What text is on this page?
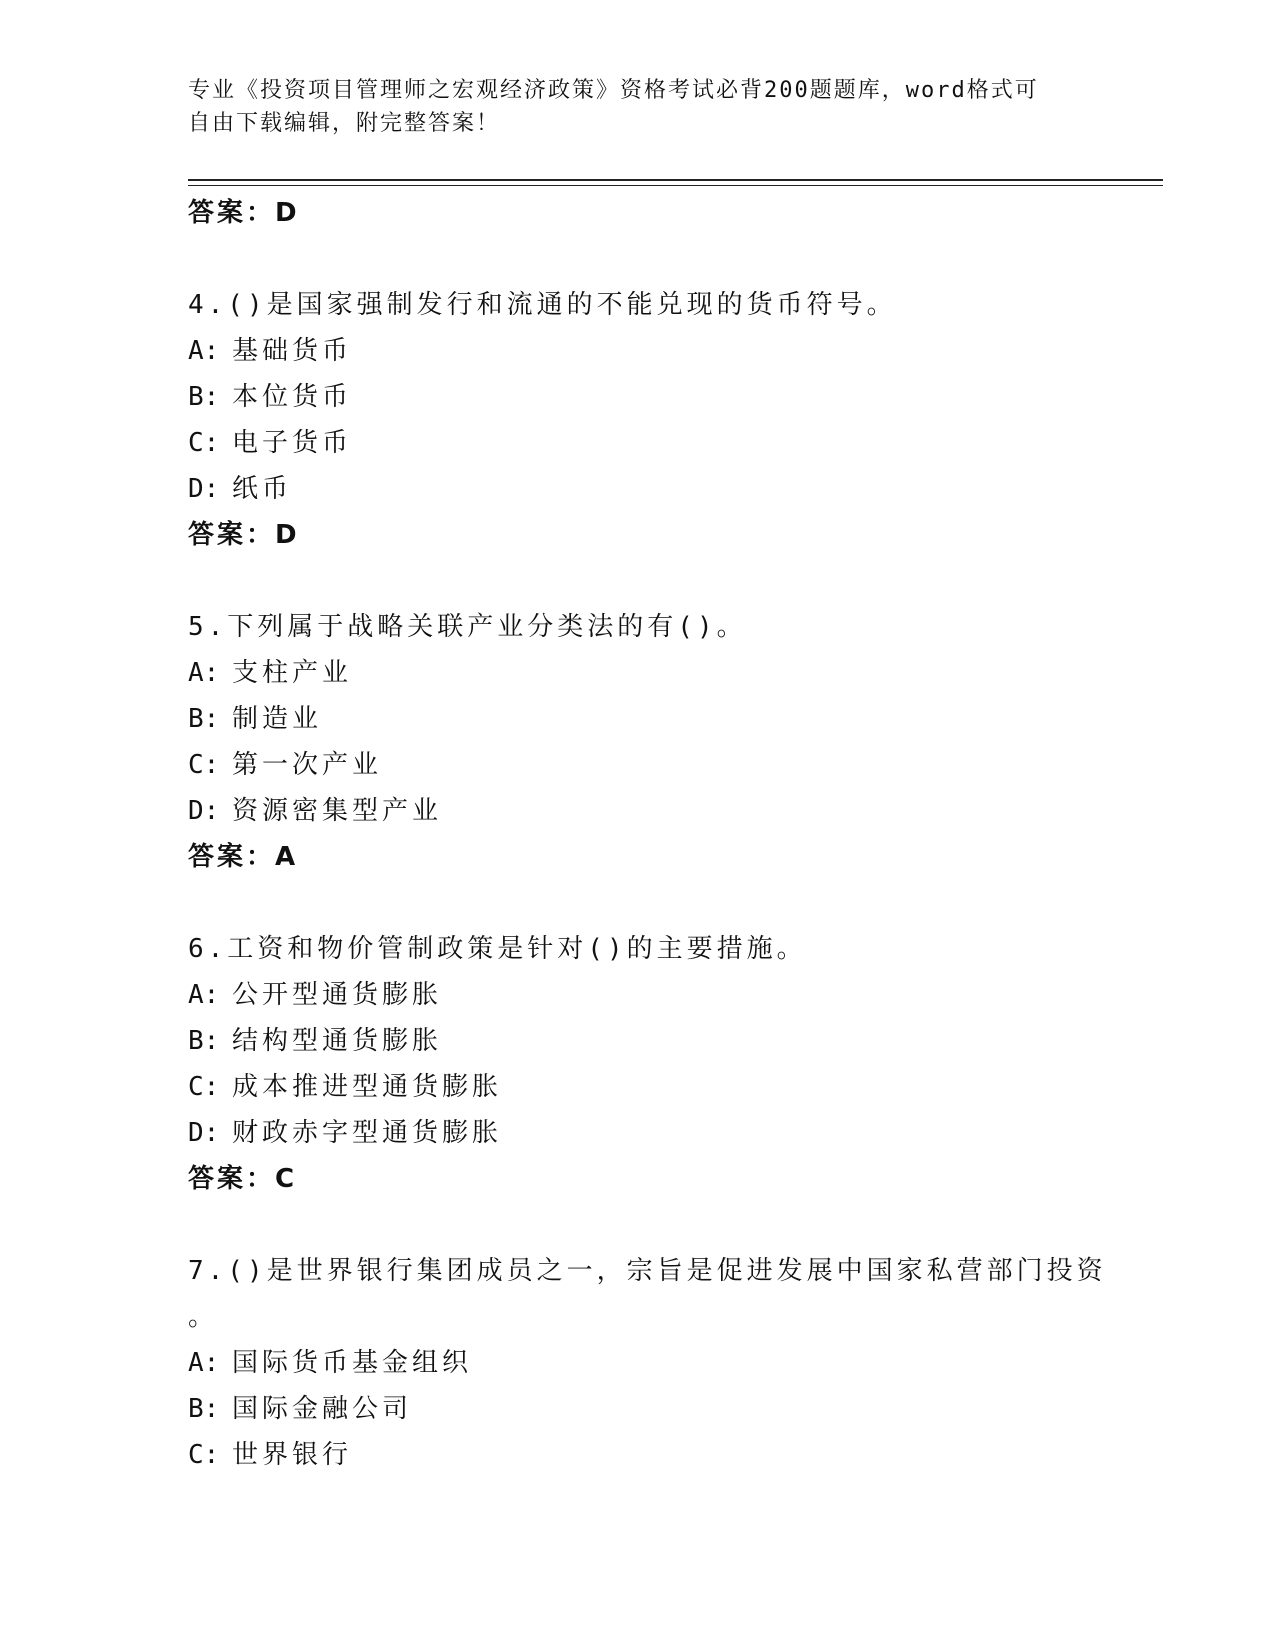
专业《投资项目管理师之宏观经济政策》资格考试必背200题题库，word格式可
自由下载编辑，附完整答案！
答案：D
4.()是国家强制发行和流通的不能兑现的货币符号。
A: 基础货币
B: 本位货币
C: 电子货币
D: 纸币
答案：D
5.下列属于战略关联产业分类法的有()。
A: 支柱产业
B: 制造业
C: 第一次产业
D: 资源密集型产业
答案：A
6.工资和物价管制政策是针对()的主要措施。
A: 公开型通货膨胀
B: 结构型通货膨胀
C: 成本推进型通货膨胀
D: 财政赤字型通货膨胀
答案：C
7.()是世界银行集团成员之一，宗旨是促进发展中国家私营部门投资
。
A: 国际货币基金组织
B: 国际金融公司
C: 世界银行
